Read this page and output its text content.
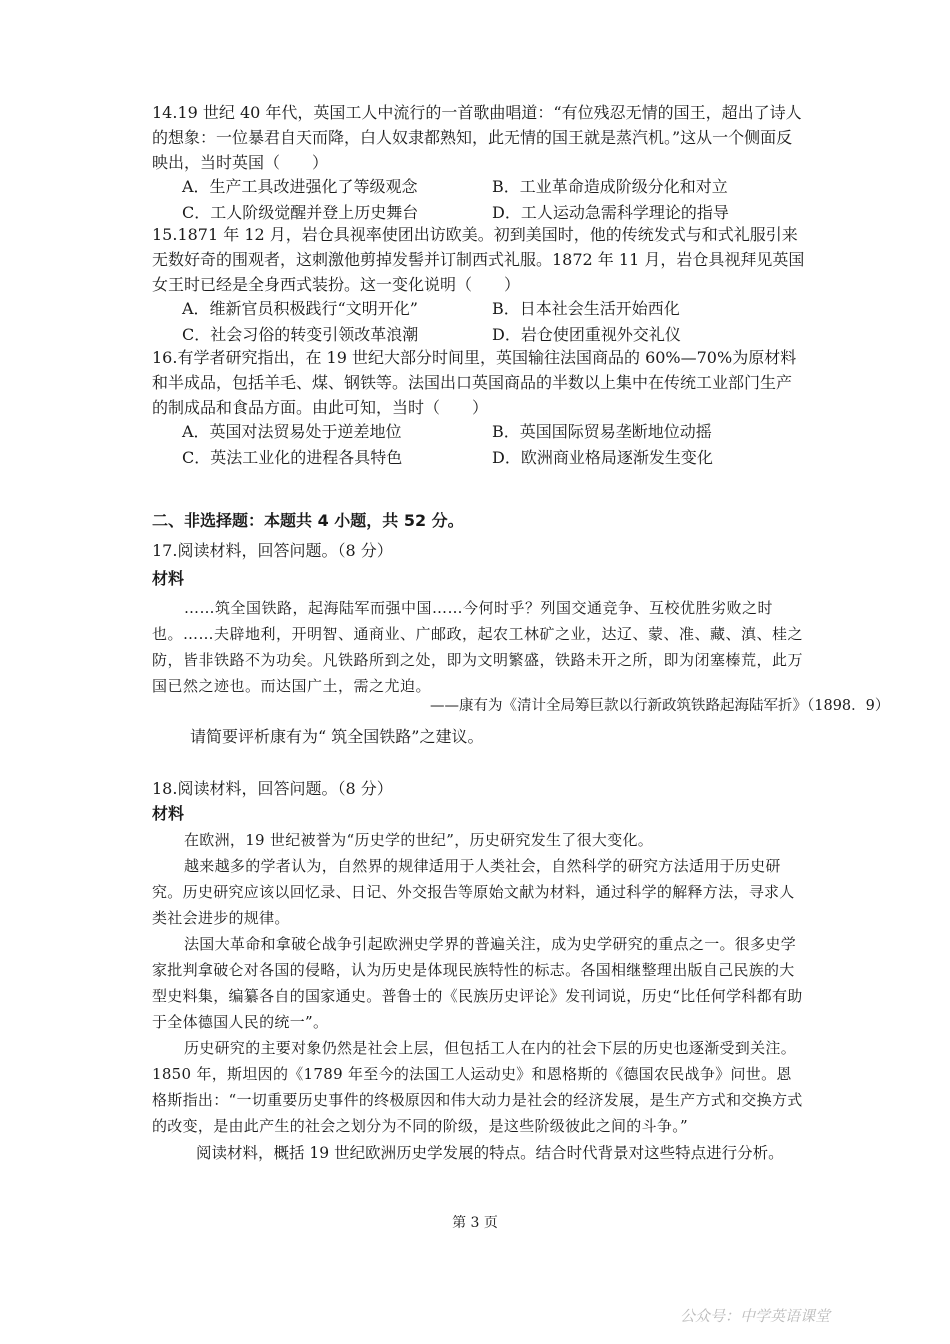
14.19 世纪 40 年代，英国工人中流行的一首歌曲唱道：“有位残忍无情的国王，超出了诗人的想象：一位暴君自天而降，白人奴隶都熟知，此无情的国王就是蒸汽机。”这从一个侧面反映出，当时英国（　　）
A．生产工具改进强化了等级观念	B．工业革命造成阶级分化和对立
C．工人阶级觉醒并登上历史舞台	D．工人运动急需科学理论的指导
15.1871 年 12 月，岩仓具视率使团出访欧美。初到美国时，他的传统发式与和式礼服引来无数好奇的围观者，这刺激他剪掉发髻并订制西式礼服。1872 年 11 月，岩仓具视拜见英国女王时已经是全身西式装扮。这一变化说明（　　）
A．维新官员积极践行“文明开化”	B．日本社会生活开始西化
C．社会习俗的转变引领改革浪潮	D．岩仓使团重视外交礼仪
16.有学者研究指出，在 19 世纪大部分时间里，英国输往法国商品的 60%—70%为原材料和半成品，包括羊毛、煤、钢铁等。法国出口英国商品的半数以上集中在传统工业部门生产的制成品和食品方面。由此可知，当时（　　）
A．英国对法贸易处于逆差地位	B．英国国际贸易垄断地位动摇
C．英法工业化的进程各具特色	D．欧洲商业格局逐渐发生变化
二、非选择题：本题共 4 小题，共 52 分。
17.阅读材料，回答问题。（8 分）
材料

……筑全国铁路，起海陆军而强中国……今何时乎？列国交通竞争、互校优胜劣败之时也。……夫辟地利，开明智、通商业、广邮政，起农工林矿之业，达辽、蒙、准、藏、滇、桂之防，皆非铁路不为功矣。凡铁路所到之处，即为文明繁盛，铁路未开之所，即为闭塞榛荒，此万国已然之迹也。而达国广土，需之尤迫。

——康有为《清计全局筹巨款以行新政筑铁路起海陆军折》（1898．9）
请简要评析康有为“ 筑全国铁路”之建议。
18.阅读材料，回答问题。（8 分）
材料

在欧洲，19 世纪被誉为“历史学的世纪”，历史研究发生了很大变化。

越来越多的学者认为，自然界的规律适用于人类社会，自然科学的研究方法适用于历史研究。历史研究应该以回忆录、日记、外交报告等原始文献为材料，通过科学的解释方法，寻求人类社会进步的规律。

法国大革命和拿破仑战争引起欧洲史学界的普遍关注，成为史学研究的重点之一。很多史学家批判拿破仑对各国的侵略，认为历史是体现民族特性的标志。各国相继整理出版自己民族的大型史料集，编纂各自的国家通史。普鲁士的《民族历史评论》发刊词说，历史“比任何学科都有助于全体德国人民的统一”。

历史研究的主要对象仍然是社会上层，但包括工人在内的社会下层的历史也逐渐受到关注。1850 年，斯坦因的《1789 年至今的法国工人运动史》和恩格斯的《德国农民战争》问世。恩格斯指出：“一切重要历史事件的终极原因和伟大动力是社会的经济发展，是生产方式和交换方式的改变，是由此产生的社会之划分为不同的阶级，是这些阶级彼此之间的斗争。”

阅读材料，概括 19 世纪欧洲历史学发展的特点。结合时代背景对这些特点进行分析。
第 3 页
公众号：中学英语课堂
